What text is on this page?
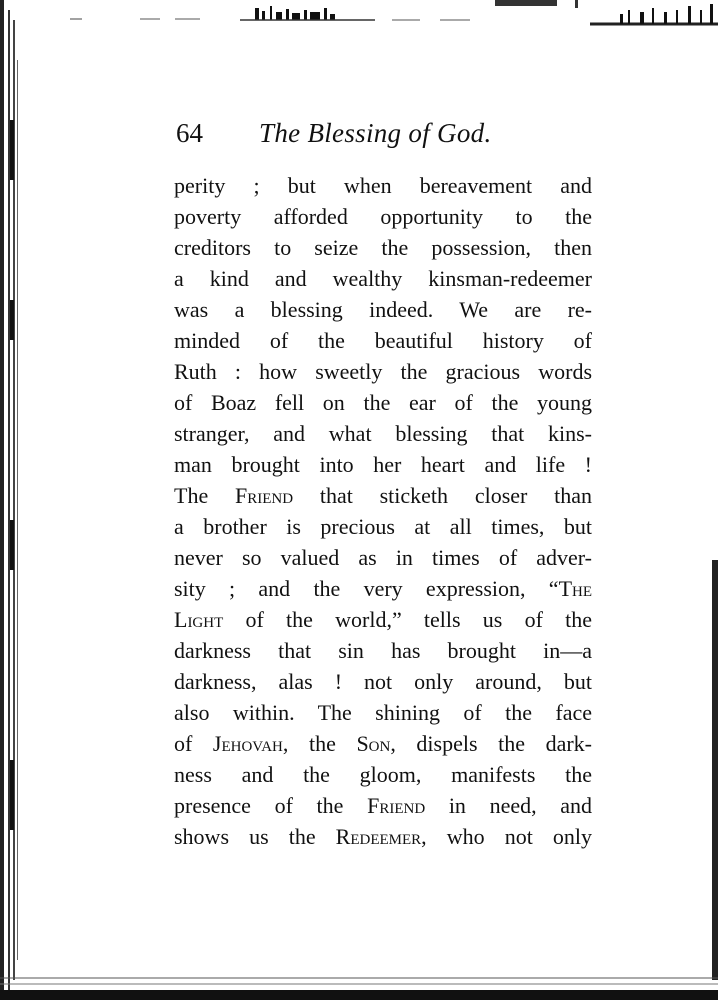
64 The Blessing of God.
perity ; but when bereavement and
poverty afforded opportunity to the
creditors to seize the possession, then
a kind and wealthy kinsman-redeemer
was a blessing indeed. We are re-
minded of the beautiful history of
Ruth : how sweetly the gracious words
of Boaz fell on the ear of the young
stranger, and what blessing that kins-
man brought into her heart and life !
The Friend that sticketh closer than
a brother is precious at all times, but
never so valued as in times of adver-
sity ; and the very expression, “The
Light of the world,” tells us of the
darkness that sin has brought in—a
darkness, alas ! not only around, but
also within. The shining of the face
of Jehovah, the Son, dispels the dark-
ness and the gloom, manifests the
presence of the Friend in need, and
shows us the Redeemer, who not only
